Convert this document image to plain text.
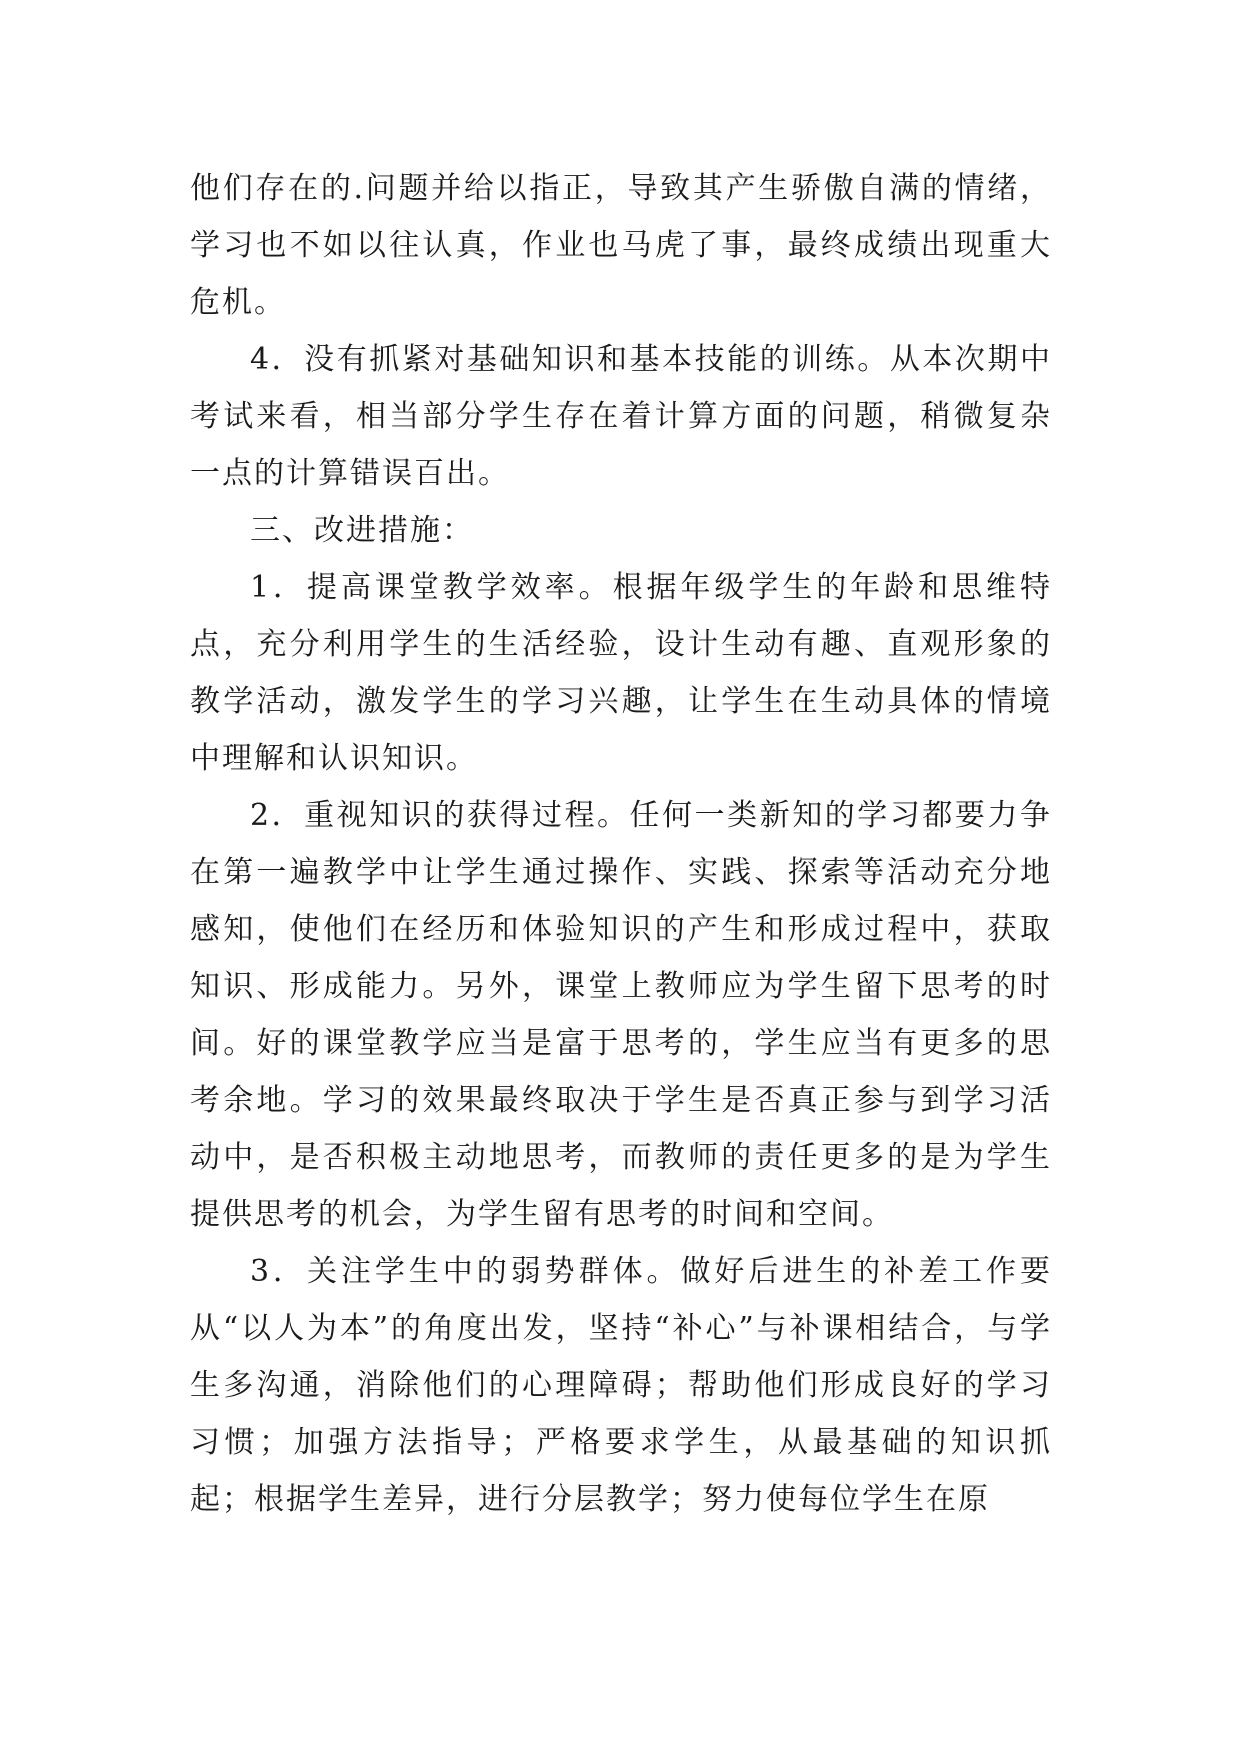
他们存在的.问题并给以指正，导致其产生骄傲自满的情绪，学习也不如以往认真，作业也马虎了事，最终成绩出现重大危机。

4．没有抓紧对基础知识和基本技能的训练。从本次期中考试来看，相当部分学生存在着计算方面的问题，稍微复杂一点的计算错误百出。

三、改进措施：

1．提高课堂教学效率。根据年级学生的年龄和思维特点，充分利用学生的生活经验，设计生动有趣、直观形象的教学活动，激发学生的学习兴趣，让学生在生动具体的情境中理解和认识知识。

2．重视知识的获得过程。任何一类新知的学习都要力争在第一遍教学中让学生通过操作、实践、探索等活动充分地感知，使他们在经历和体验知识的产生和形成过程中，获取知识、形成能力。另外，课堂上教师应为学生留下思考的时间。好的课堂教学应当是富于思考的，学生应当有更多的思考余地。学习的效果最终取决于学生是否真正参与到学习活动中，是否积极主动地思考，而教师的责任更多的是为学生提供思考的机会，为学生留有思考的时间和空间。

3．关注学生中的弱势群体。做好后进生的补差工作要从“以人为本”的角度出发，坚持“补心”与补课相结合，与学生多沟通，消除他们的心理障碍；帮助他们形成良好的学习习惯；加强方法指导；严格要求学生，从最基础的知识抓起；根据学生差异，进行分层教学；努力使每位学生在原
